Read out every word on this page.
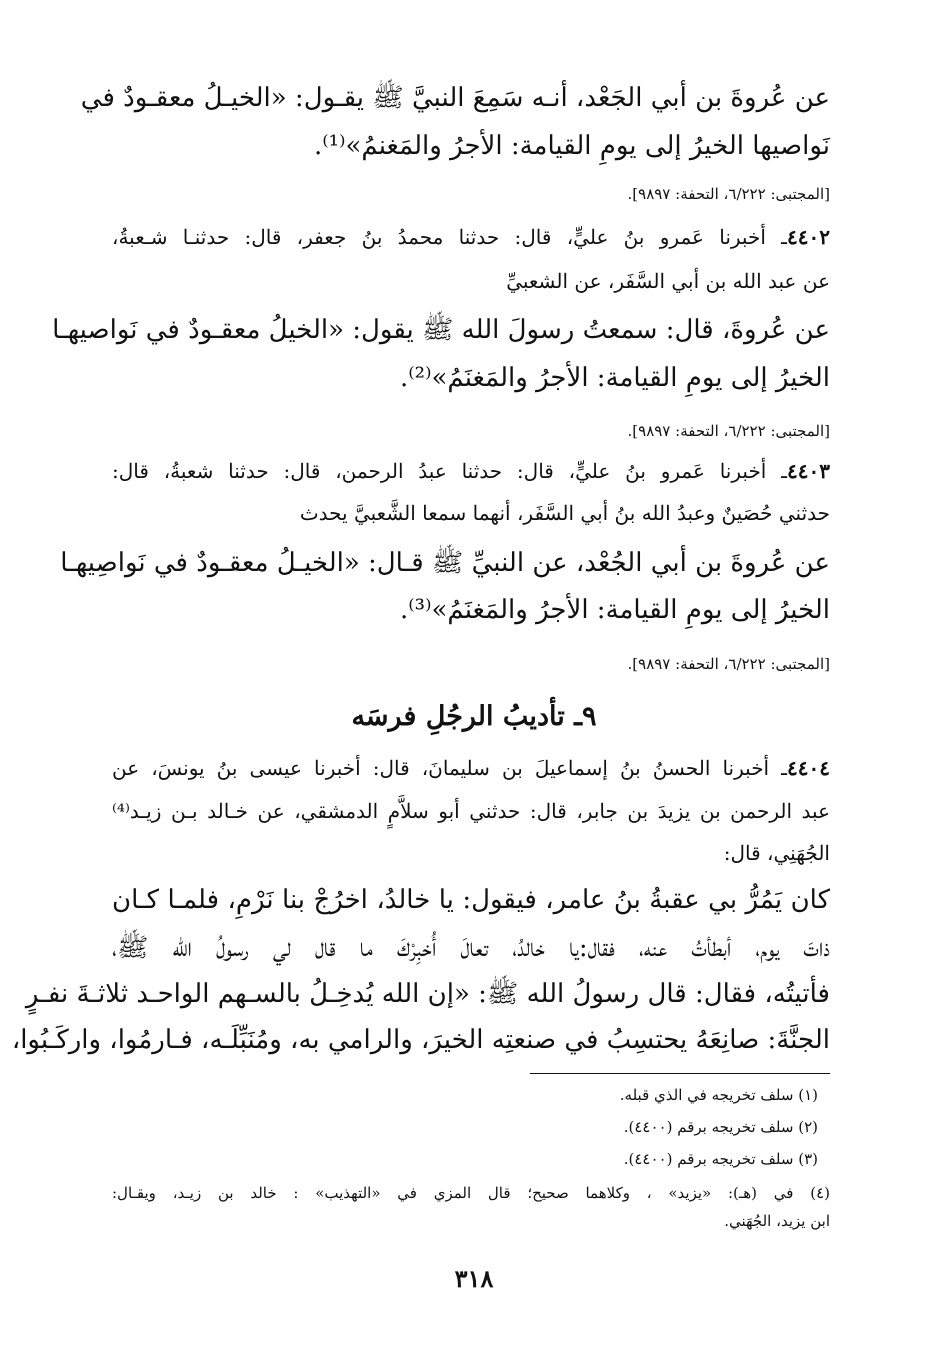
عن عُروةَ بن أبي الجَعْد، أنـه سَمِعَ النبيَّ ﷺ يقـول: «الخيـلُ معقـودٌ في
نَواصيها الخيرُ إلى يومِ القيامة: الأجرُ والمَغنمُ»⁽¹⁾.
[المجتبى: ٦/٢٢٢، التحفة: ٩٨٩٧].
٤٤٠٢ـ أخبرنا عَمرو بنُ عليٍّ، قال: حدثنا محمدُ بنُ جعفر، قال: حدثنـا شـعبةُ،
عن عبد الله بن أبي السَّفَر، عن الشعبيِّ
عن عُروةَ، قال: سمعتُ رسولَ الله ﷺ يقول: «الخيلُ معقـودٌ في نَواصيهـا
الخيرُ إلى يومِ القيامة: الأجرُ والمَغنَمُ»⁽²⁾.
[المجتبى: ٦/٢٢٢، التحفة: ٩٨٩٧].
٤٤٠٣ـ أخبرنا عَمرو بنُ عليٍّ، قال: حدثنا عبدُ الرحمن، قال: حدثنا شعبةُ، قال:
حدثني حُصَينٌ وعبدُ الله بنُ أبي السَّفَر، أنهما سمعا الشَّعبيَّ يحدث
عن عُروةَ بن أبي الجُعْد، عن النبيِّ ﷺ قـال: «الخيـلُ معقـودٌ في نَواصِيهـا
الخيرُ إلى يومِ القيامة: الأجرُ والمَغنَمُ»⁽³⁾.
[المجتبى: ٦/٢٢٢، التحفة: ٩٨٩٧].
٩ـ تأديبُ الرجُلِ فرسَه
٤٤٠٤ـ أخبرنا الحسنُ بنُ إسماعيلَ بن سليمانَ، قال: أخبرنا عيسى بنُ يونسَ، عن
عبد الرحمن بن يزيدَ بن جابر، قال: حدثني أبو سلاَّمٍ الدمشقي، عن خـالد بـن زيـد⁽⁴⁾
الجُهَنِي، قال:
كان يَمُرُّ بي عقبةُ بنُ عامر، فيقول: يا خالدُ، اخرُجْ بنا نَرْمِ، فلمـا كـان
ذاتَ يوم، أبطأتُ عنه، فقال:يا خالدُ، تعالَ أُخبِرْكَ ما قال لي رسولُ الله ﷺ،
فأتيتُه، فقال: قال رسولُ الله ﷺ: «إن الله يُدخِـلُ بالسـهم الواحـد ثلاثـةَ نفـرٍ
الجنَّةَ: صانِعَهُ يحتسِبُ في صنعتِه الخيرَ، والرامي به، ومُنَبِّلَـه، فـارمُوا، واركَـبُوا،
(١) سلف تخريجه في الذي قبله.
(٢) سلف تخريجه برقم (٤٤٠٠).
(٣) سلف تخريجه برقم (٤٤٠٠).
(٤) في (هـ): «يزيد» ، وكلاهما صحيح؛ قال المزي في «التهذيب» : خالد بن زيـد، ويقـال:
ابن يزيد، الجُهَني.
٣١٨
